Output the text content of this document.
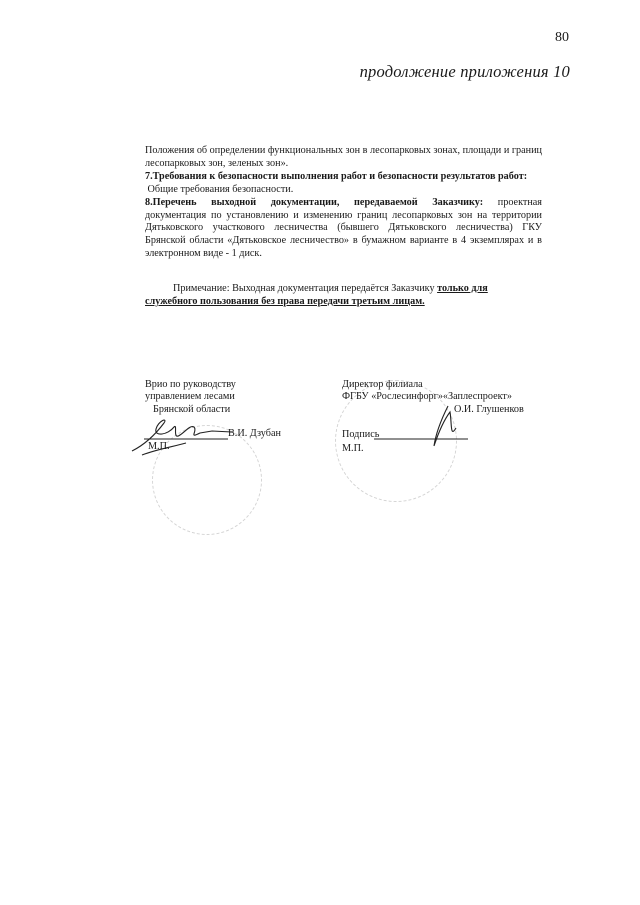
80
продолжение приложения 10

Положения об определении функциональных зон в лесопарковых зонах, площади и границ лесопарковых зон, зеленых зон».

7.Требования к безопасности выполнения работ и безопасности результатов работ:

Общие требования безопасности.

8.Перечень выходной документации, передаваемой Заказчику: проектная документация по установлению и изменению границ лесопарковых зон на территории Дятьковского участкового лесничества (бывшего Дятьковского лесничества) ГКУ Брянской области «Дятьковское лесничество» в бумажном варианте в 4 экземплярах и в электронном виде - 1 диск.

Примечание: Выходная документация передаётся Заказчику только для служебного пользования без права передачи третьим лицам.
Врио по руководству
управлением лесами
Брянской области
В.И. Дзубан
М.П.
Директор филиала
ФГБУ «Рослесинфорг»«Заплеспроект»
О.И. Глушенков
Подпись
М.П.
